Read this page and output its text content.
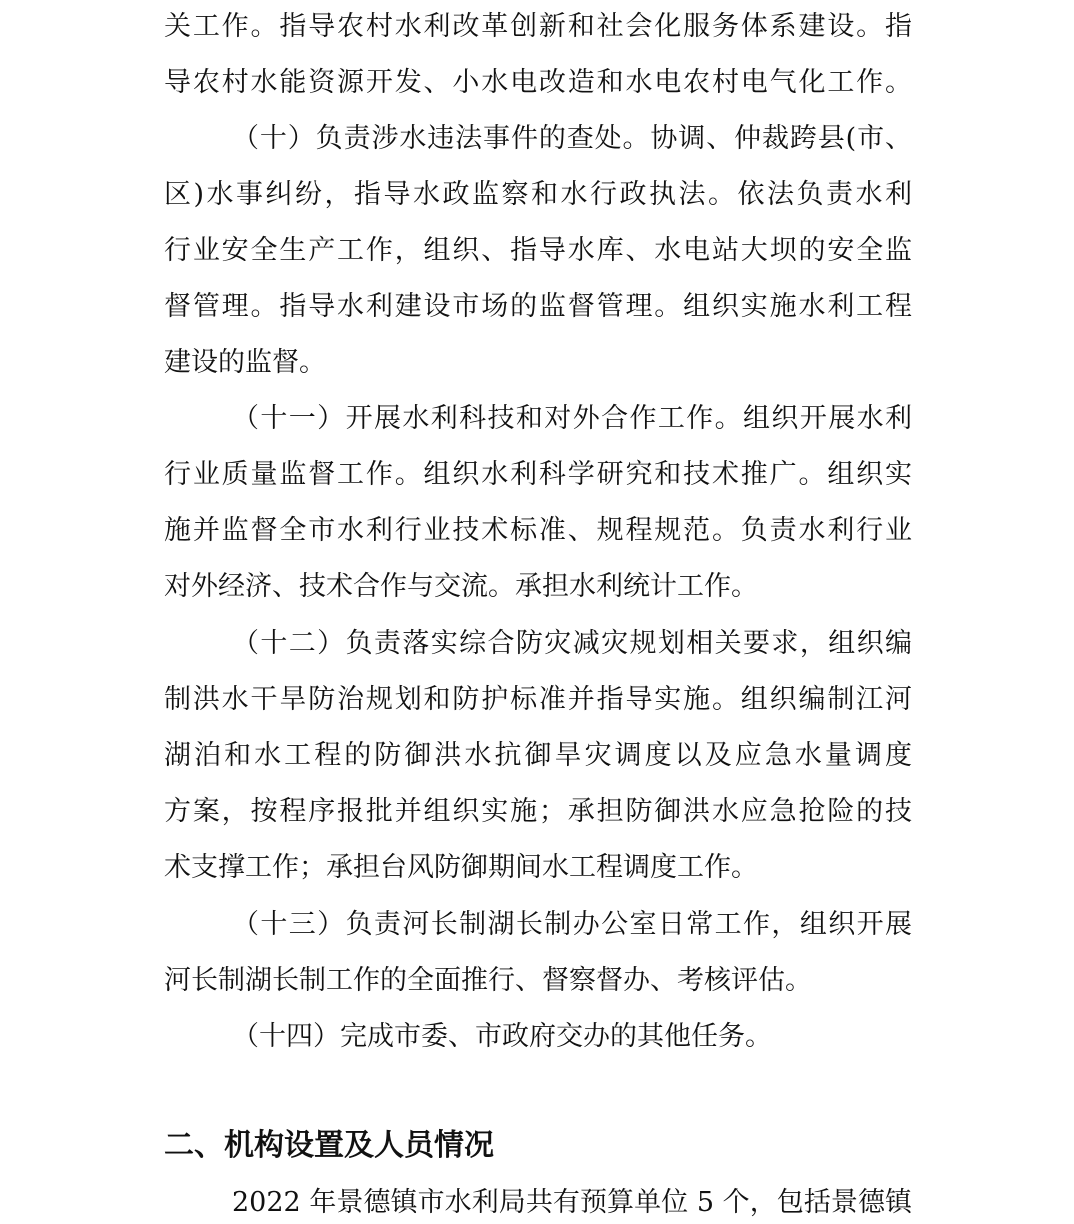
关工作。指导农村水利改革创新和社会化服务体系建设。指
导农村水能资源开发、小水电改造和水电农村电气化工作。
（十）负责涉水违法事件的查处。协调、仲裁跨县(市、
区)水事纠纷，指导水政监察和水行政执法。依法负责水利
行业安全生产工作，组织、指导水库、水电站大坝的安全监
督管理。指导水利建设市场的监督管理。组织实施水利工程
建设的监督。
（十一）开展水利科技和对外合作工作。组织开展水利
行业质量监督工作。组织水利科学研究和技术推广。组织实
施并监督全市水利行业技术标准、规程规范。负责水利行业
对外经济、技术合作与交流。承担水利统计工作。
（十二）负责落实综合防灾减灾规划相关要求，组织编
制洪水干旱防治规划和防护标准并指导实施。组织编制江河
湖泊和水工程的防御洪水抗御旱灾调度以及应急水量调度
方案，按程序报批并组织实施；承担防御洪水应急抢险的技
术支撑工作；承担台风防御期间水工程调度工作。
（十三）负责河长制湖长制办公室日常工作，组织开展
河长制湖长制工作的全面推行、督察督办、考核评估。
（十四）完成市委、市政府交办的其他任务。
二、机构设置及人员情况
2022 年景德镇市水利局共有预算单位 5 个，包括景德镇
